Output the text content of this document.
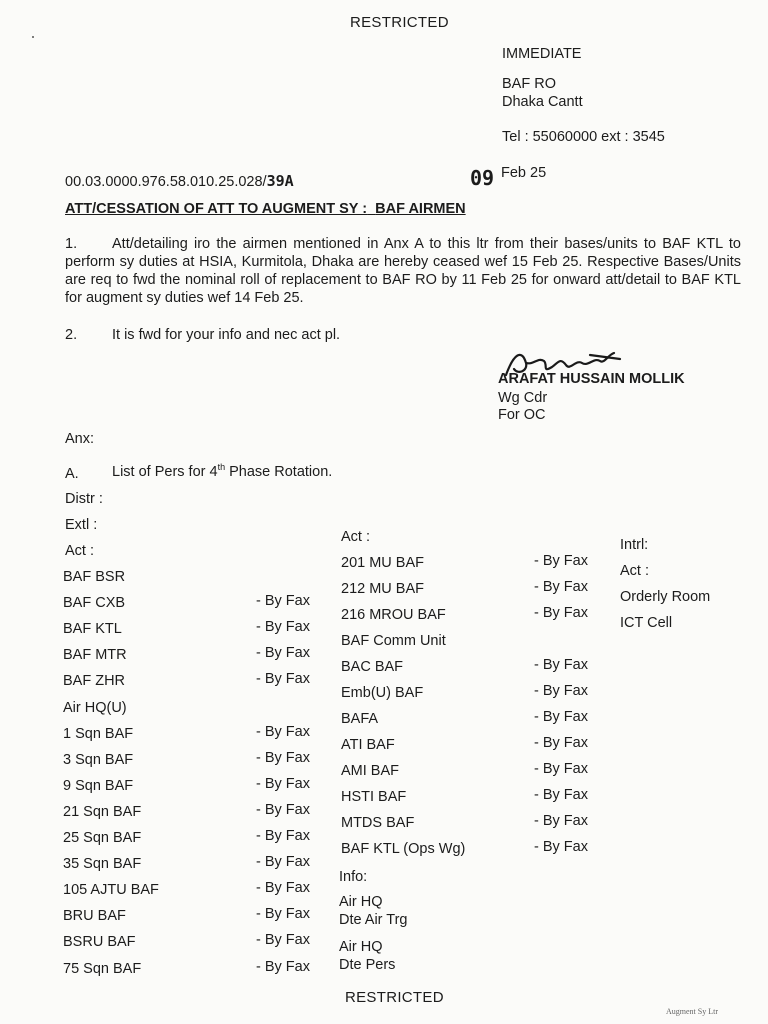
RESTRICTED
IMMEDIATE
BAF RO
Dhaka Cantt
Tel : 55060000 ext : 3545
00.03.0000.976.58.010.25.028/39A	09 Feb 25
ATT/CESSATION OF ATT TO AUGMENT SY : BAF AIRMEN
1. Att/detailing iro the airmen mentioned in Anx A to this ltr from their bases/units to BAF KTL to perform sy duties at HSIA, Kurmitola, Dhaka are hereby ceased wef 15 Feb 25. Respective Bases/Units are req to fwd the nominal roll of replacement to BAF RO by 11 Feb 25 for onward att/detail to BAF KTL for augment sy duties wef 14 Feb 25.
2. It is fwd for your info and nec act pl.
ARAFAT HUSSAIN MOLLIK
Wg Cdr
For OC
Anx:
A. List of Pers for 4th Phase Rotation.
Distr :
Extl :
Act :
BAF BSR
BAF CXB	- By Fax
BAF KTL	- By Fax
BAF MTR	- By Fax
BAF ZHR	- By Fax
Air HQ(U)
1 Sqn BAF	- By Fax
3 Sqn BAF	- By Fax
9 Sqn BAF	- By Fax
21 Sqn BAF	- By Fax
25 Sqn BAF	- By Fax
35 Sqn BAF	- By Fax
105 AJTU BAF	- By Fax
BRU BAF	- By Fax
BSRU BAF	- By Fax
75 Sqn BAF	- By Fax
Act :
201 MU BAF	- By Fax
212 MU BAF	- By Fax
216 MROU BAF	- By Fax
BAF Comm Unit
BAC BAF	- By Fax
Emb(U) BAF	- By Fax
BAFA	- By Fax
ATI BAF	- By Fax
AMI BAF	- By Fax
HSTI BAF	- By Fax
MTDS BAF	- By Fax
BAF KTL (Ops Wg)	- By Fax
Info:
Air HQ
Dte Air Trg
Air HQ
Dte Pers
Intrl:
Act :
Orderly Room
ICT Cell
RESTRICTED
Augment Sy Ltr
